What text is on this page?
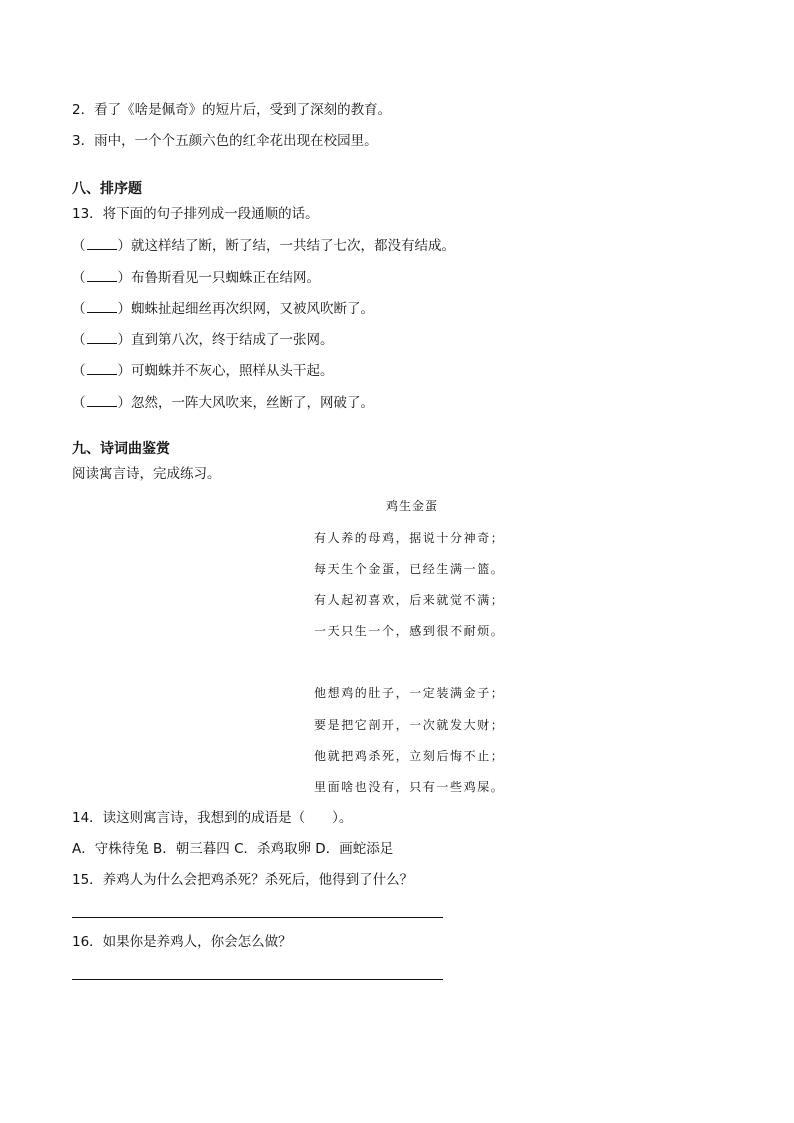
2．看了《啥是佩奇》的短片后，受到了深刻的教育。
3．雨中，一个个五颜六色的红伞花出现在校园里。
八、排序题
13．将下面的句子排列成一段通顺的话。
（ ）就这样结了断，断了结，一共结了七次，都没有结成。
（ ）布鲁斯看见一只蜘蛛正在结网。
（ ）蜘蛛扯起细丝再次织网，又被风吹断了。
（ ）直到第八次，终于结成了一张网。
（ ）可蜘蛛并不灰心，照样从头干起。
（ ）忽然，一阵大风吹来，丝断了，网破了。
九、诗词曲鉴赏
阅读寓言诗，完成练习。
鸡生金蛋
有人养的母鸡，据说十分神奇；
每天生个金蛋，已经生满一篮。
有人起初喜欢，后来就觉不满；
一天只生一个，感到很不耐烦。
他想鸡的肚子，一定装满金子；
要是把它剖开，一次就发大财；
他就把鸡杀死，立刻后悔不止；
里面啥也没有，只有一些鸡屎。
14．读这则寓言诗，我想到的成语是（　　）。
A．守株待兔 B．朝三暮四 C．杀鸡取卵 D．画蛇添足
15．养鸡人为什么会把鸡杀死？杀死后，他得到了什么？
16．如果你是养鸡人，你会怎么做？
